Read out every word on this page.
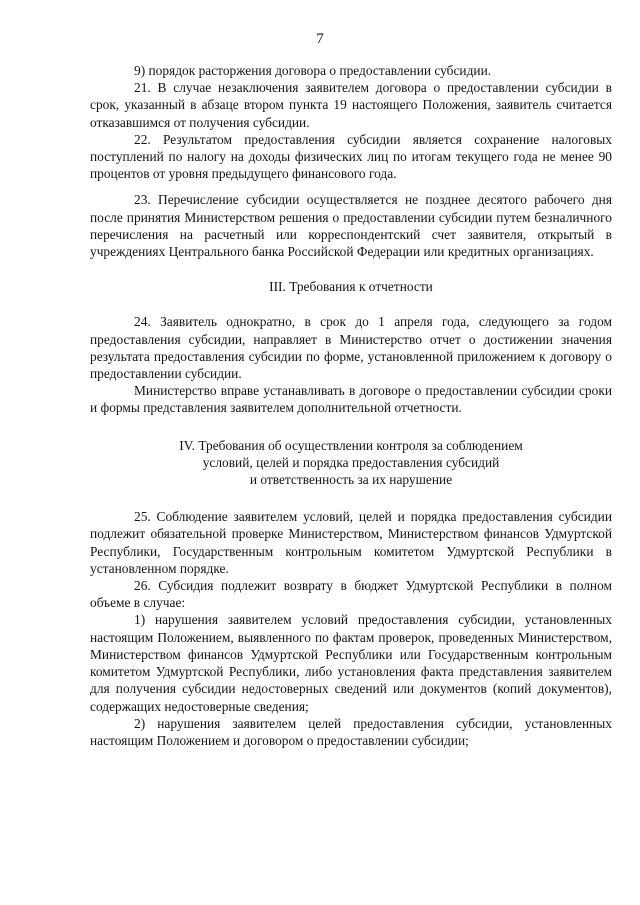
7

9) порядок расторжения договора о предоставлении субсидии.

21. В случае незаключения заявителем договора о предоставлении субсидии в срок, указанный в абзаце втором пункта 19 настоящего Положения, заявитель считается отказавшимся от получения субсидии.

22. Результатом предоставления субсидии является сохранение налоговых поступлений по налогу на доходы физических лиц по итогам текущего года не менее 90 процентов от уровня предыдущего финансового года.

23. Перечисление субсидии осуществляется не позднее десятого рабочего дня после принятия Министерством решения о предоставлении субсидии путем безналичного перечисления на расчетный или корреспондентский счет заявителя, открытый в учреждениях Центрального банка Российской Федерации или кредитных организациях.

III. Требования к отчетности

24. Заявитель однократно, в срок до 1 апреля года, следующего за годом предоставления субсидии, направляет в Министерство отчет о достижении значения результата предоставления субсидии по форме, установленной приложением к договору о предоставлении субсидии.

Министерство вправе устанавливать в договоре о предоставлении субсидии сроки и формы представления заявителем дополнительной отчетности.

IV. Требования об осуществлении контроля за соблюдением

условий, целей и порядка предоставления субсидий

и ответственность за их нарушение

25. Соблюдение заявителем условий, целей и порядка предоставления субсидии подлежит обязательной проверке Министерством, Министерством финансов Удмуртской Республики, Государственным контрольным комитетом Удмуртской Республики в установленном порядке.

26. Субсидия подлежит возврату в бюджет Удмуртской Республики в полном объеме в случае:

1) нарушения заявителем условий предоставления субсидии, установленных настоящим Положением, выявленного по фактам проверок, проведенных Министерством, Министерством финансов Удмуртской Республики или Государственным контрольным комитетом Удмуртской Республики, либо установления факта представления заявителем для получения субсидии недостоверных сведений или документов (копий документов), содержащих недостоверные сведения;

2) нарушения заявителем целей предоставления субсидии, установленных настоящим Положением и договором о предоставлении субсидии;
